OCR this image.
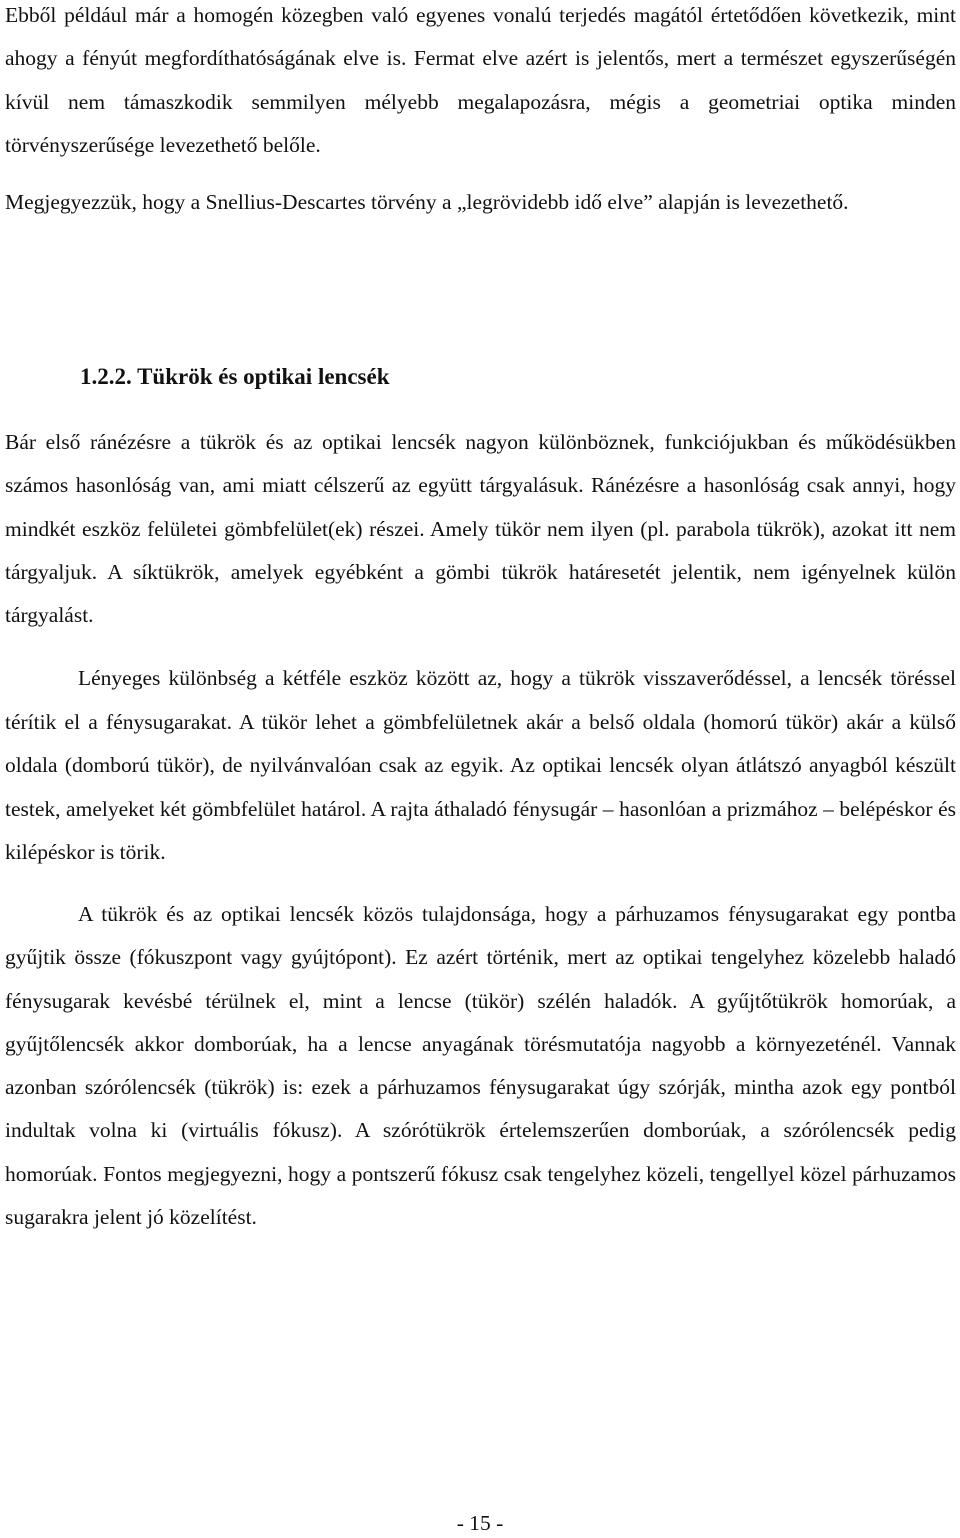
Ebből például már a homogén közegben való egyenes vonalú terjedés magától értetődően következik, mint ahogy a fényút megfordíthatóságának elve is. Fermat elve azért is jelentős, mert a természet egyszerűségén kívül nem támaszkodik semmilyen mélyebb megalapozásra, mégis a geometriai optika minden törvényszerűsége levezethető belőle.

Megjegyezzük, hogy a Snellius-Descartes törvény a „legrövidebb idő elve” alapján is levezethető.

1.2.2. Tükrök és optikai lencsék

Bár első ránézésre a tükrök és az optikai lencsék nagyon különböznek, funkciójukban és működésükben számos hasonlóság van, ami miatt célszerű az együtt tárgyalásuk. Ránézésre a hasonlóság csak annyi, hogy mindkét eszköz felületei gömbfelület(ek) részei. Amely tükör nem ilyen (pl. parabola tükrök), azokat itt nem tárgyaljuk. A síktükrök, amelyek egyébként a gömbi tükrök határesetét jelentik, nem igényelnek külön tárgyalást.

Lényeges különbség a kétféle eszköz között az, hogy a tükrök visszaverődéssel, a lencsék töréssel térítik el a fénysugarakat. A tükör lehet a gömbfelületnek akár a belső oldala (homorú tükör) akár a külső oldala (domború tükör), de nyilvánvalóan csak az egyik. Az optikai lencsék olyan átlátszó anyagból készült testek, amelyeket két gömbfelület határol. A rajta áthaladó fénysugár – hasonlóan a prizmához – belépéskor és kilépéskor is törik.

A tükrök és az optikai lencsék közös tulajdonsága, hogy a párhuzamos fénysugarakat egy pontba gyűjtik össze (fókuszpont vagy gyújtópont). Ez azért történik, mert az optikai tengelyhez közelebb haladó fénysugarak kevésbé térülnek el, mint a lencse (tükör) szélén haladók. A gyűjtőtükrök homorúak, a gyűjtőlencsék akkor domborúak, ha a lencse anyagának törésmutatója nagyobb a környezeténél. Vannak azonban szórólencsék (tükrök) is: ezek a párhuzamos fénysugarakat úgy szórják, mintha azok egy pontból indultak volna ki (virtuális fókusz). A szórótükrök értelemszerűen domborúak, a szórólencsék pedig homorúak. Fontos megjegyezni, hogy a pontszerű fókusz csak tengelyhez közeli, tengellyel közel párhuzamos sugarakra jelent jó közelítést.

- 15 -
